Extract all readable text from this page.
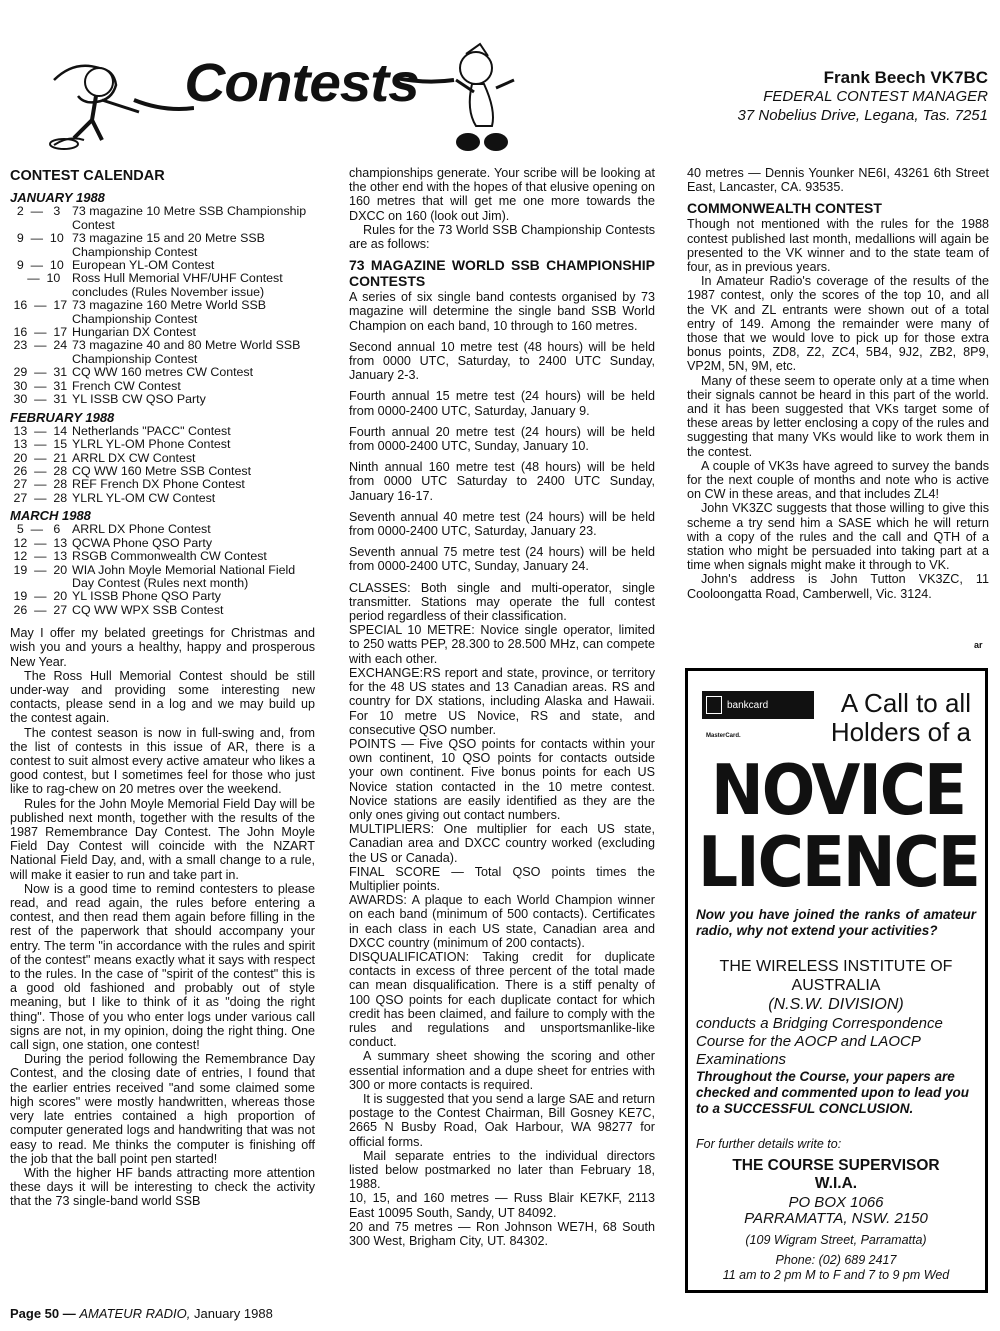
Contests	Frank Beech VK7BC
FEDERAL CONTEST MANAGER
37 Nobelius Drive, Legana, Tas. 7251
CONTEST CALENDAR
JANUARY 1988
2  —   3 73 magazine 10 Metre SSB Championship Contest
9  —  10 73 magazine 15 and 20 Metre SSB Championship Contest
9  —  10 European YL-OM Contest
—  10 Ross Hull Memorial VHF/UHF Contest concludes (Rules November issue)
16  —  17 73 magazine 160 Metre World SSB Championship Contest
16  —  17 Hungarian DX Contest
23  —  24 73 magazine 40 and 80 Metre World SSB Championship Contest
29  —  31 CQ WW 160 metres CW Contest
30  —  31 French CW Contest
30  —  31 YL ISSB CW QSO Party
FEBRUARY 1988
13  —  14 Netherlands "PACC" Contest
13  —  15 YLRL YL-OM Phone Contest
20  —  21 ARRL DX CW Contest
26  —  28 CQ WW 160 Metre SSB Contest
27  —  28 REF French DX Phone Contest
27  —  28 YLRL YL-OM CW Contest
MARCH 1988
5  —   6 ARRL DX Phone Contest
12  —  13 QCWA Phone QSO Party
12  —  13 RSGB Commonwealth CW Contest
19  —  20 WIA John Moyle Memorial National Field Day Contest (Rules next month)
19  —  20 YL ISSB Phone QSO Party
26  —  27 CQ WW WPX SSB Contest

May I offer my belated greetings for Christmas and wish you and yours a healthy, happy and prosperous New Year.

The Ross Hull Memorial Contest should be still under-way and providing some interesting new contacts, please send in a log and we may build up the contest again.

The contest season is now in full-swing and, from the list of contests in this issue of AR, there is a contest to suit almost every active amateur who likes a good contest, but I sometimes feel for those who just like to rag-chew on 20 metres over the weekend.

Rules for the John Moyle Memorial Field Day will be published next month, together with the results of the 1987 Remembrance Day Contest. The John Moyle Field Day Contest will coincide with the NZART National Field Day, and, with a small change to a rule, will make it easier to run and take part in.

Now is a good time to remind contesters to please read, and read again, the rules before entering a contest, and then read them again before filling in the rest of the paperwork that should accompany your entry. The term "in accordance with the rules and spirit of the contest" means exactly what it says with respect to the rules. In the case of "spirit of the contest" this is a good old fashioned and probably out of style meaning, but I like to think of it as "doing the right thing". Those of you who enter logs under various call signs are not, in my opinion, doing the right thing. One call sign, one station, one contest!

During the period following the Remembrance Day Contest, and the closing date of entries, I found that the earlier entries received "and some claimed some high scores" were mostly handwritten, whereas those very late entries contained a high proportion of computer generated logs and handwriting that was not easy to read. Me thinks the computer is finishing off the job that the ball point pen started!

With the higher HF bands attracting more attention these days it will be interesting to check the activity that the 73 single-band world SSB

championships generate. Your scribe will be looking at the other end with the hopes of that elusive opening on 160 metres that will get me one more towards the DXCC on 160 (look out Jim).

Rules for the 73 World SSB Championship Contests are as follows:

73 MAGAZINE WORLD SSB CHAMPIONSHIP CONTESTS

A series of six single band contests organised by 73 magazine will determine the single band SSB World Champion on each band, 10 through to 160 metres.

Second annual 10 metre test (48 hours) will be held from 0000 UTC, Saturday, to 2400 UTC Sunday, January 2-3.

Fourth annual 15 metre test (24 hours) will be held from 0000-2400 UTC, Saturday, January 9.

Fourth annual 20 metre test (24 hours) will be held from 0000-2400 UTC, Sunday, January 10.

Ninth annual 160 metre test (48 hours) will be held from 0000 UTC Saturday to 2400 UTC Sunday, January 16-17.

Seventh annual 40 metre test (24 hours) will be held from 0000-2400 UTC, Saturday, January 23.

Seventh annual 75 metre test (24 hours) will be held from 0000-2400 UTC, Sunday, January 24.

CLASSES: Both single and multi-operator, single transmitter. Stations may operate the full contest period regardless of their classification.

SPECIAL 10 METRE: Novice single operator, limited to 250 watts PEP, 28.300 to 28.500 MHz, can compete with each other.

EXCHANGE:RS report and state, province, or territory for the 48 US states and 13 Canadian areas. RS and country for DX stations, including Alaska and Hawaii. For 10 metre US Novice, RS and state, and consecutive QSO number.

POINTS — Five QSO points for contacts within your own continent, 10 QSO points for contacts outside your own continent. Five bonus points for each US Novice station contacted in the 10 metre contest. Novice stations are easily identified as they are the only ones giving out contact numbers.

MULTIPLIERS: One multiplier for each US state, Canadian area and DXCC country worked (excluding the US or Canada).

FINAL SCORE — Total QSO points times the Multiplier points.

AWARDS: A plaque to each World Champion winner on each band (minimum of 500 contacts). Certificates in each class in each US state, Canadian area and DXCC country (minimum of 200 contacts).

DISQUALIFICATION: Taking credit for duplicate contacts in excess of three percent of the total made can mean disqualification. There is a stiff penalty of 100 QSO points for each duplicate contact for which credit has been claimed, and failure to comply with the rules and regulations and unsportsmanlike-like conduct.

A summary sheet showing the scoring and other essential information and a dupe sheet for entries with 300 or more contacts is required.

It is suggested that you send a large SAE and return postage to the Contest Chairman, Bill Gosney KE7C, 2665 N Busby Road, Oak Harbour, WA 98277 for official forms.

Mail separate entries to the individual directors listed below postmarked no later than February 18, 1988.

10, 15, and 160 metres — Russ Blair KE7KF, 2113 East 10095 South, Sandy, UT 84092.

20 and 75 metres — Ron Johnson WE7H, 68 South 300 West, Brigham City, UT. 84302.

40 metres — Dennis Younker NE6I, 43261 6th Street East, Lancaster, CA. 93535.

COMMONWEALTH CONTEST

Though not mentioned with the rules for the 1988 contest published last month, medallions will again be presented to the VK winner and to the state team of four, as in previous years.

In Amateur Radio's coverage of the results of the 1987 contest, only the scores of the top 10, and all the VK and ZL entrants were shown out of a total entry of 149. Among the remainder were many of those that we would love to pick up for those extra bonus points, ZD8, Z2, ZC4, 5B4, 9J2, ZB2, 8P9, VP2M, 5N, 9M, etc.

Many of these seem to operate only at a time when their signals cannot be heard in this part of the world. and it has been suggested that VKs target some of these areas by letter enclosing a copy of the rules and suggesting that many VKs would like to work them in the contest.

A couple of VK3s have agreed to survey the bands for the next couple of months and note who is active on CW in these areas, and that includes ZL4!

John VK3ZC suggests that those willing to give this scheme a try send him a SASE which he will return with a copy of the rules and the call and QTH of a station who might be persuaded into taking part at a time when signals might make it through to VK.

John's address is John Tutton VK3ZC, 11 Cooloongatta Road, Camberwell, Vic. 3124.

ar
bankcard
MasterCard.
A Call to all
Holders of a
NOVICE
LICENCE
Now you have joined the ranks of amateur radio, why not extend your activities?
THE WIRELESS INSTITUTE OF
AUSTRALIA
(N.S.W. DIVISION)
conducts a Bridging Correspondence Course for the AOCP and LAOCP Examinations
Throughout the Course, your papers are checked and commented upon to lead you to a SUCCESSFUL CONCLUSION.
For further details write to:
THE COURSE SUPERVISOR
W.I.A.
PO BOX 1066
PARRAMATTA, NSW. 2150
(109 Wigram Street, Parramatta)
Phone: (02) 689 2417
11 am to 2 pm M to F and 7 to 9 pm Wed
Page 50 — AMATEUR RADIO, January 1988
